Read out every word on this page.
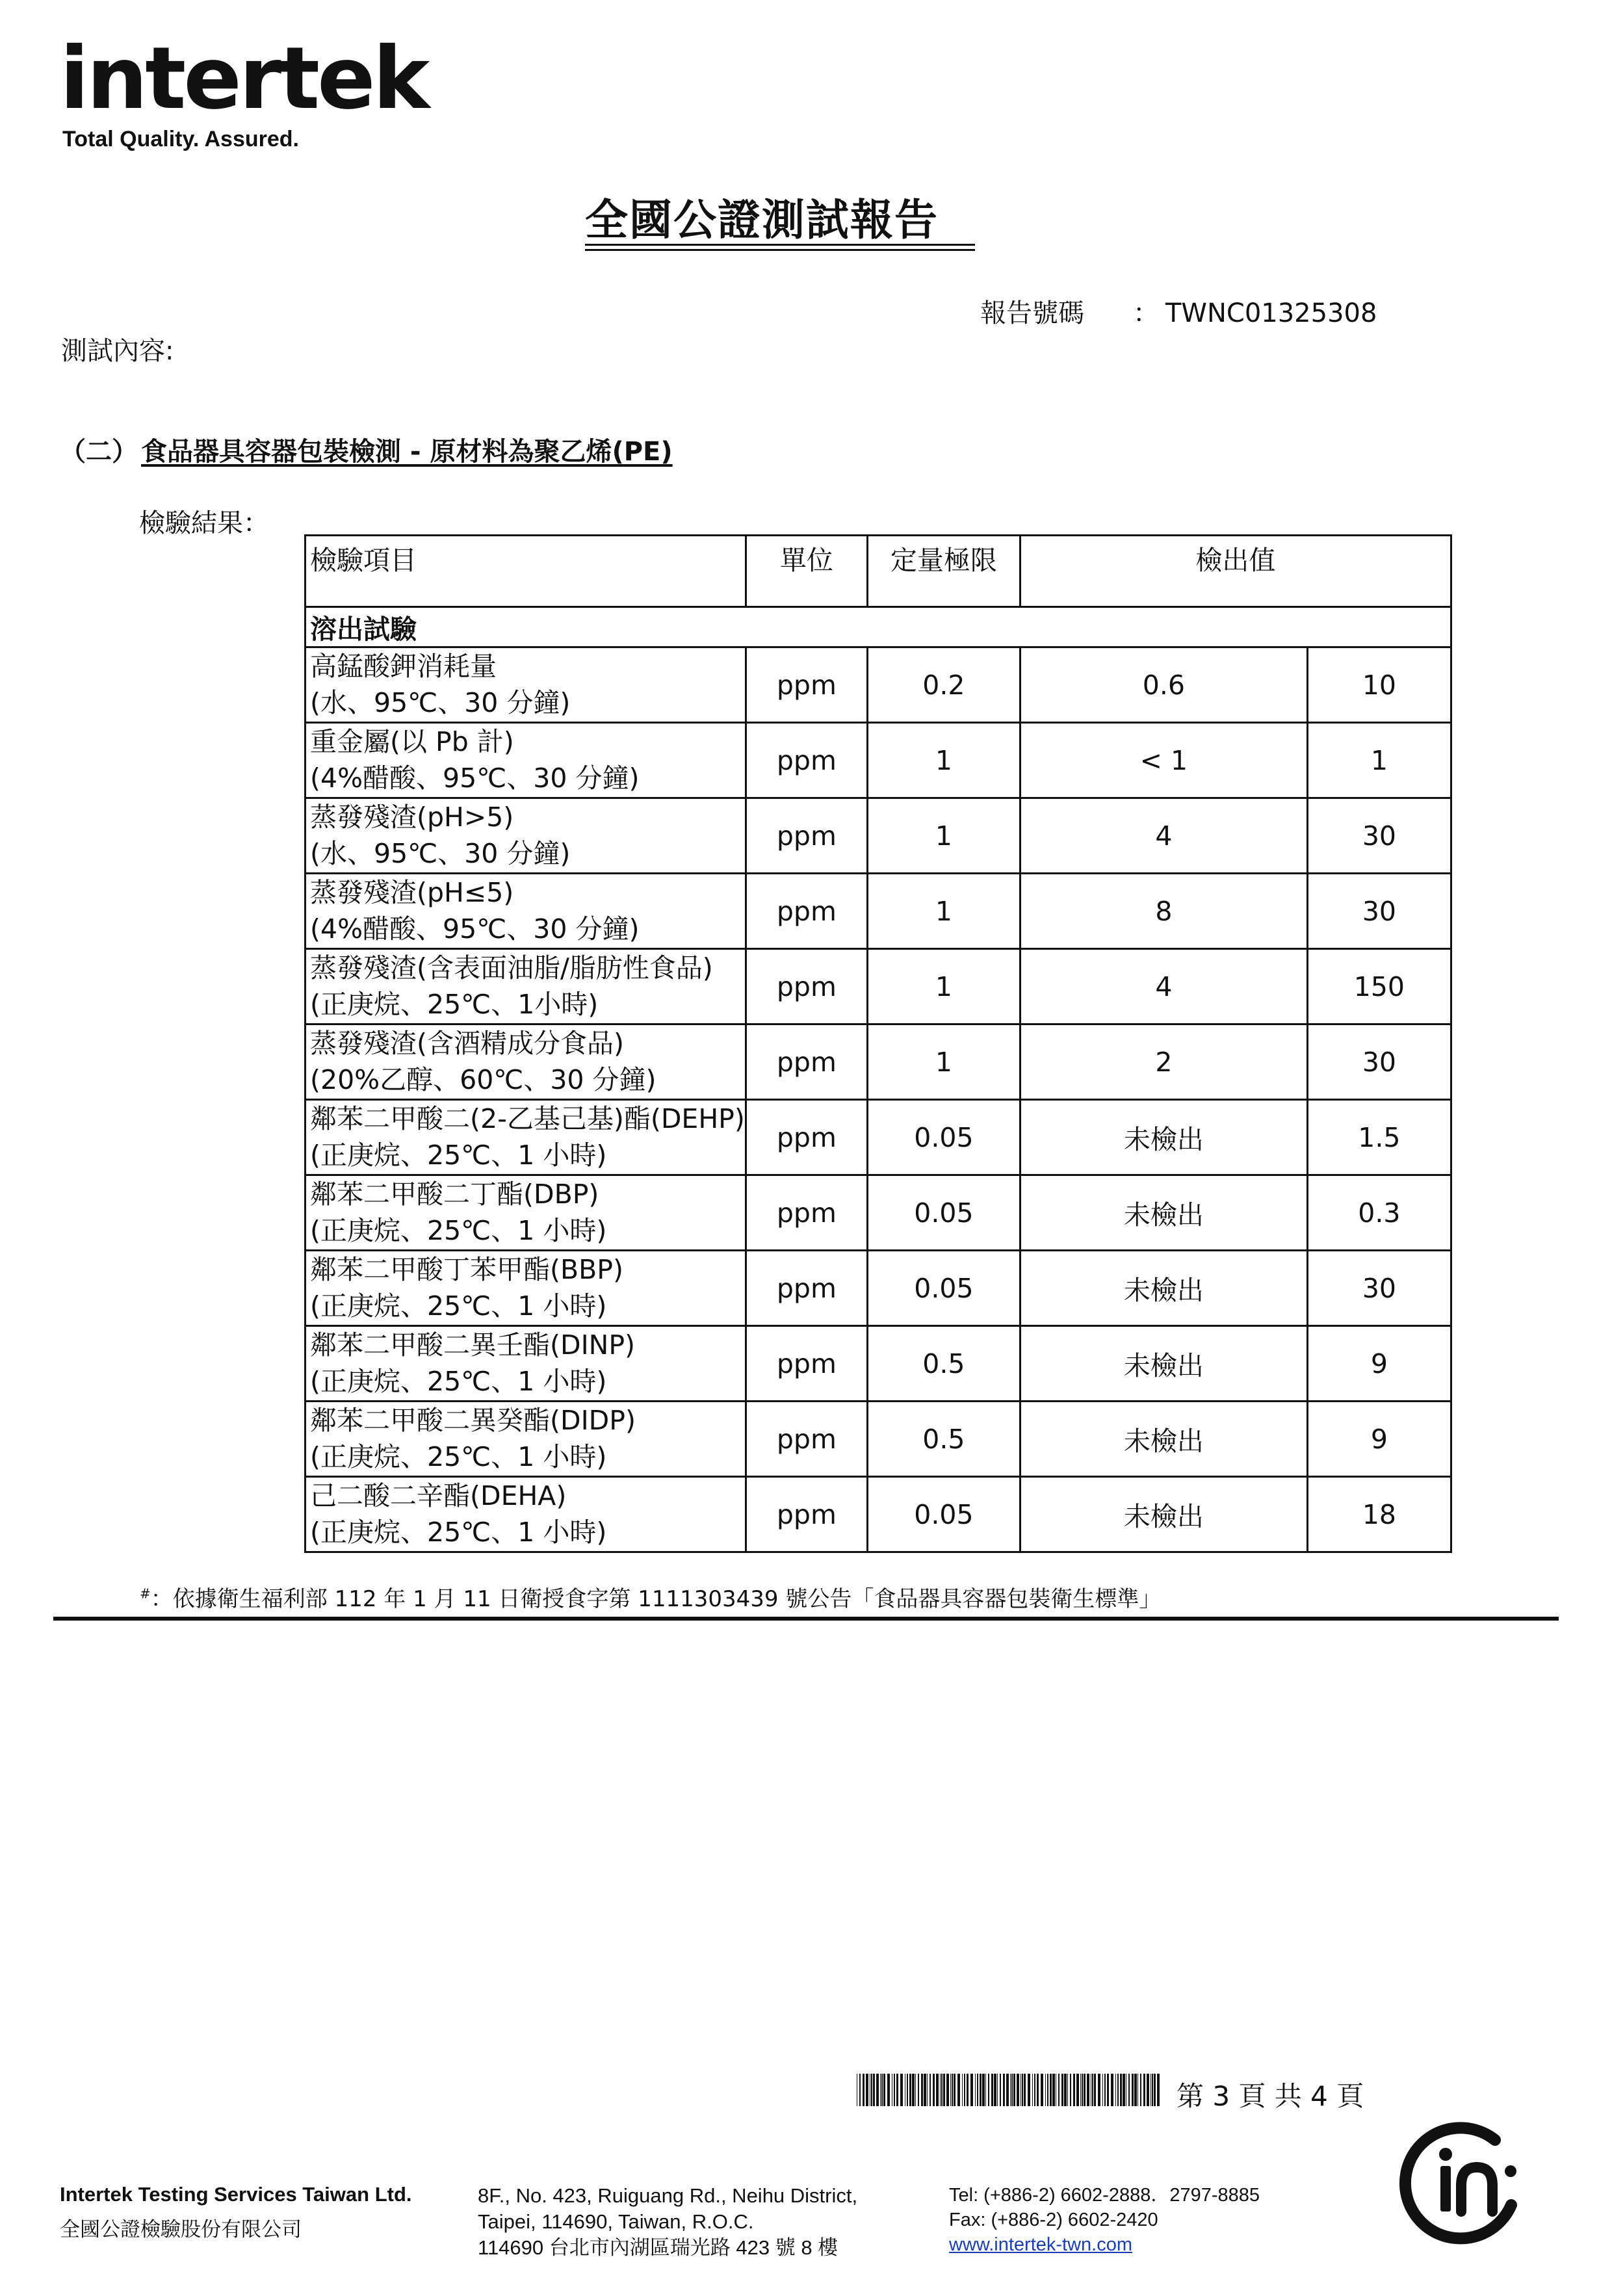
intertek
Total Quality. Assured.
全國公證測試報告
報告號碼 ： TWNC01325308
測試內容:
（二） 食品器具容器包裝檢測 - 原材料為聚乙烯(PE)
檢驗結果：
檢驗項目	單位	定量極限	檢出值	
溶出試驗				

高錳酸鉀消耗量
(水、95℃、30 分鐘)	ppm	0.2	0.6	10

重金屬(以 Pb 計)
(4%醋酸、95℃、30 分鐘)	ppm	1	< 1	1

蒸發殘渣(pH>5)
(水、95℃、30 分鐘)	ppm	1	4	30

蒸發殘渣(pH≤5)
(4%醋酸、95℃、30 分鐘)	ppm	1	8	30

蒸發殘渣(含表面油脂/脂肪性食品)
(正庚烷、25℃、1小時)	ppm	1	4	150

蒸發殘渣(含酒精成分食品)
(20%乙醇、60℃、30 分鐘)	ppm	1	2	30

鄰苯二甲酸二(2-乙基己基)酯(DEHP)
(正庚烷、25℃、1 小時)	ppm	0.05	未檢出	1.5

鄰苯二甲酸二丁酯(DBP)
(正庚烷、25℃、1 小時)	ppm	0.05	未檢出	0.3

鄰苯二甲酸丁苯甲酯(BBP)
(正庚烷、25℃、1 小時)	ppm	0.05	未檢出	30

鄰苯二甲酸二異壬酯(DINP)
(正庚烷、25℃、1 小時)	ppm	0.5	未檢出	9

鄰苯二甲酸二異癸酯(DIDP)
(正庚烷、25℃、1 小時)	ppm	0.5	未檢出	9

己二酸二辛酯(DEHA)
(正庚烷、25℃、1 小時)	ppm	0.05	未檢出	18
#：依據衛生福利部 112 年 1 月 11 日衛授食字第 1111303439 號公告「食品器具容器包裝衛生標準」
第 3 頁 共 4 頁
Intertek Testing Services Taiwan Ltd.
全國公證檢驗股份有限公司
8F., No. 423, Ruiguang Rd., Neihu District,
Taipei, 114690, Taiwan, R.O.C.
114690 台北市內湖區瑞光路 423 號 8 樓
Tel: (+886-2) 6602-2888．2797-8885
Fax: (+886-2) 6602-2420
www.intertek-twn.com
